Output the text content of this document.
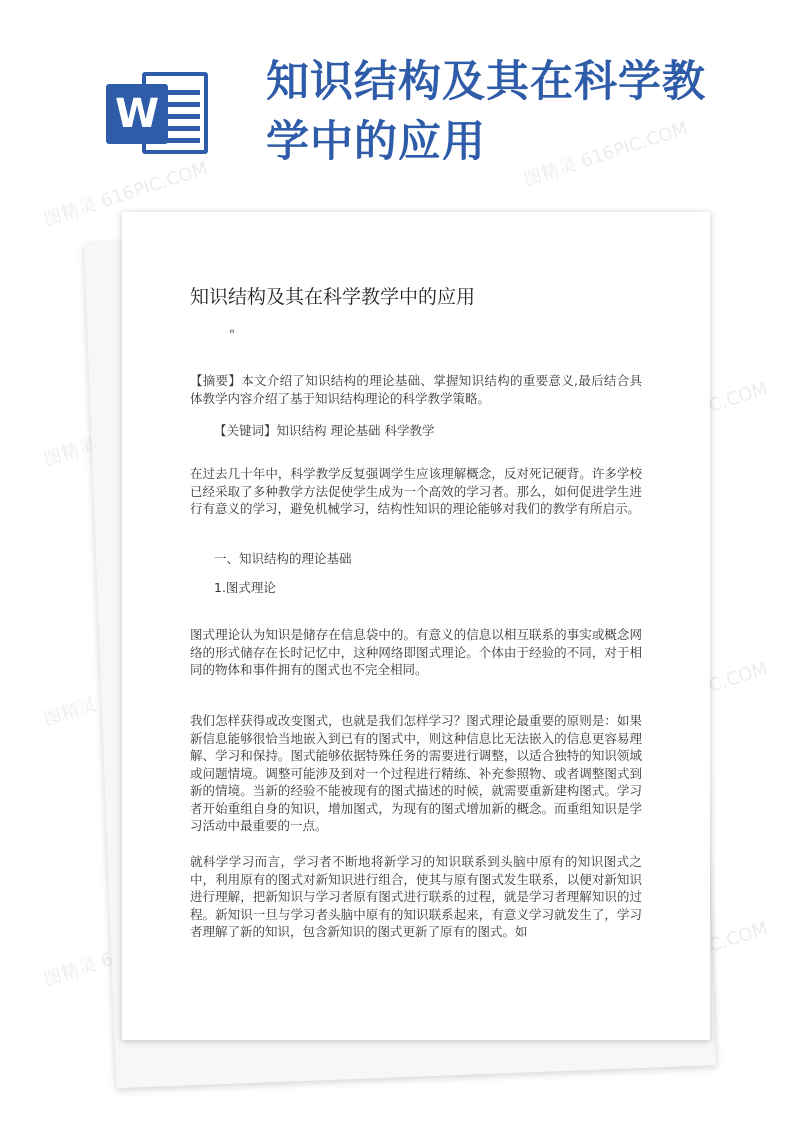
W
知识结构及其在科学教学中的应用
图精灵 616PIC.COM
图精灵 616PIC.COM
图精灵
616PIC.COM
图精灵
616PIC.COM
图精灵
616PIC.COM
知识结构及其在科学教学中的应用
"
【摘要】本文介绍了知识结构的理论基础、掌握知识结构的重要意义,最后结合具体教学内容介绍了基于知识结构理论的科学教学策略。
【关键词】知识结构 理论基础 科学教学
在过去几十年中，科学教学反复强调学生应该理解概念，反对死记硬背。许多学校已经采取了多种教学方法促使学生成为一个高效的学习者。那么，如何促进学生进行有意义的学习，避免机械学习，结构性知识的理论能够对我们的教学有所启示。
一、知识结构的理论基础
1.图式理论
图式理论认为知识是储存在信息袋中的。有意义的信息以相互联系的事实或概念网络的形式储存在长时记忆中，这种网络即图式理论。个体由于经验的不同，对于相同的物体和事件拥有的图式也不完全相同。
我们怎样获得或改变图式，也就是我们怎样学习？图式理论最重要的原则是：如果新信息能够很恰当地嵌入到已有的图式中，则这种信息比无法嵌入的信息更容易理解、学习和保持。图式能够依据特殊任务的需要进行调整，以适合独特的知识领域或问题情境。调整可能涉及到对一个过程进行精练、补充参照物、或者调整图式到新的情境。当新的经验不能被现有的图式描述的时候，就需要重新建构图式。学习者开始重组自身的知识，增加图式，为现有的图式增加新的概念。而重组知识是学习活动中最重要的一点。
就科学学习而言，学习者不断地将新学习的知识联系到头脑中原有的知识图式之中，利用原有的图式对新知识进行组合，使其与原有图式发生联系，以便对新知识进行理解，把新知识与学习者原有图式进行联系的过程，就是学习者理解知识的过程。新知识一旦与学习者头脑中原有的知识联系起来，有意义学习就发生了，学习者理解了新的知识，包含新知识的图式更新了原有的图式。如
